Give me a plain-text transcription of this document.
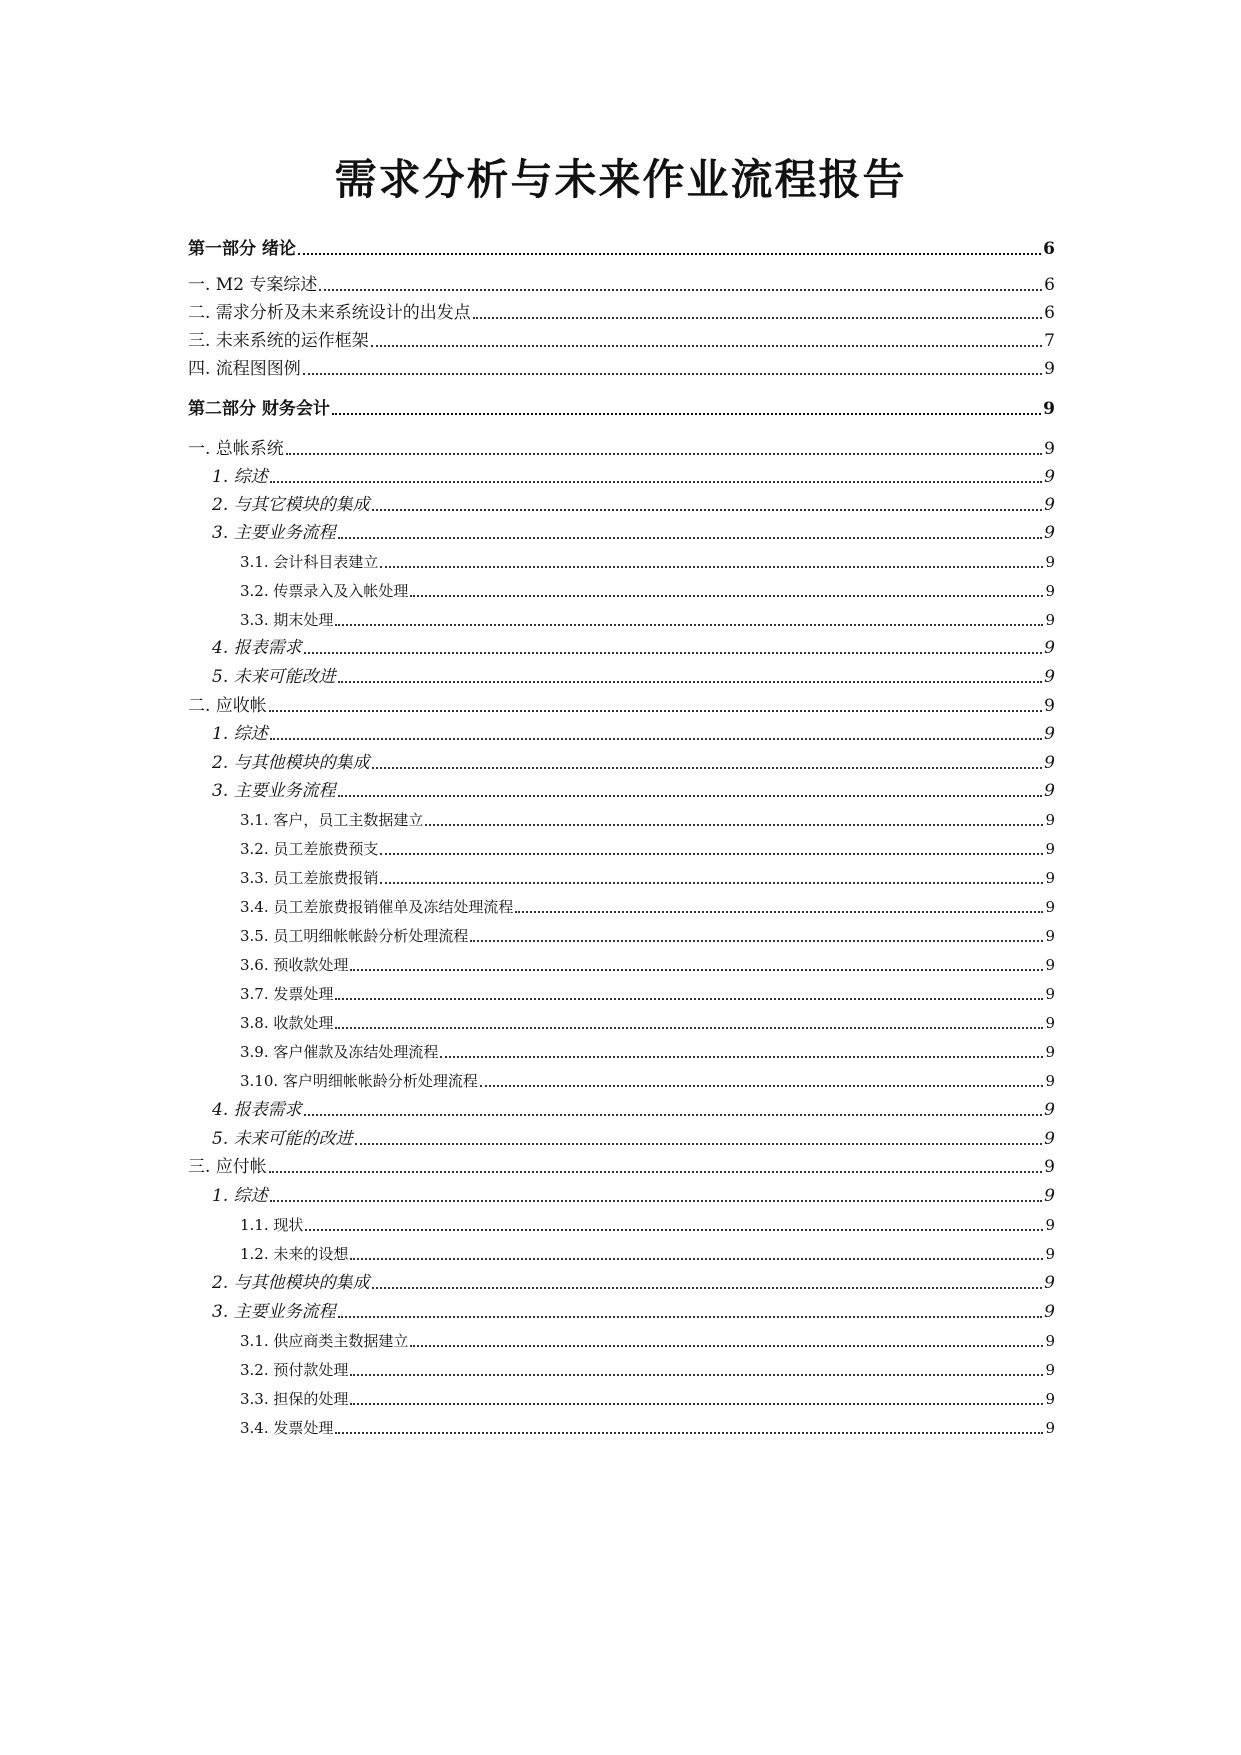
需求分析与未来作业流程报告
第一部分 绪论	6
一. M2 专案综述	6
二. 需求分析及未来系统设计的出发点	6
三. 未来系统的运作框架	7
四. 流程图图例	9
第二部分 财务会计	9
一. 总帐系统	9
1. 综述	9
2. 与其它模块的集成	9
3. 主要业务流程	9
3.1. 会计科目表建立	9
3.2. 传票录入及入帐处理	9
3.3. 期末处理	9
4. 报表需求	9
5. 未来可能改进	9
二. 应收帐	9
1. 综述	9
2. 与其他模块的集成	9
3. 主要业务流程	9
3.1. 客户，员工主数据建立	9
3.2. 员工差旅费预支	9
3.3. 员工差旅费报销	9
3.4. 员工差旅费报销催单及冻结处理流程	9
3.5. 员工明细帐帐龄分析处理流程	9
3.6. 预收款处理	9
3.7. 发票处理	9
3.8. 收款处理	9
3.9. 客户催款及冻结处理流程	9
3.10. 客户明细帐帐龄分析处理流程	9
4. 报表需求	9
5. 未来可能的改进	9
三. 应付帐	9
1. 综述	9
1.1. 现状	9
1.2. 未来的设想	9
2. 与其他模块的集成	9
3. 主要业务流程	9
3.1. 供应商类主数据建立	9
3.2. 预付款处理	9
3.3. 担保的处理	9
3.4. 发票处理	9
